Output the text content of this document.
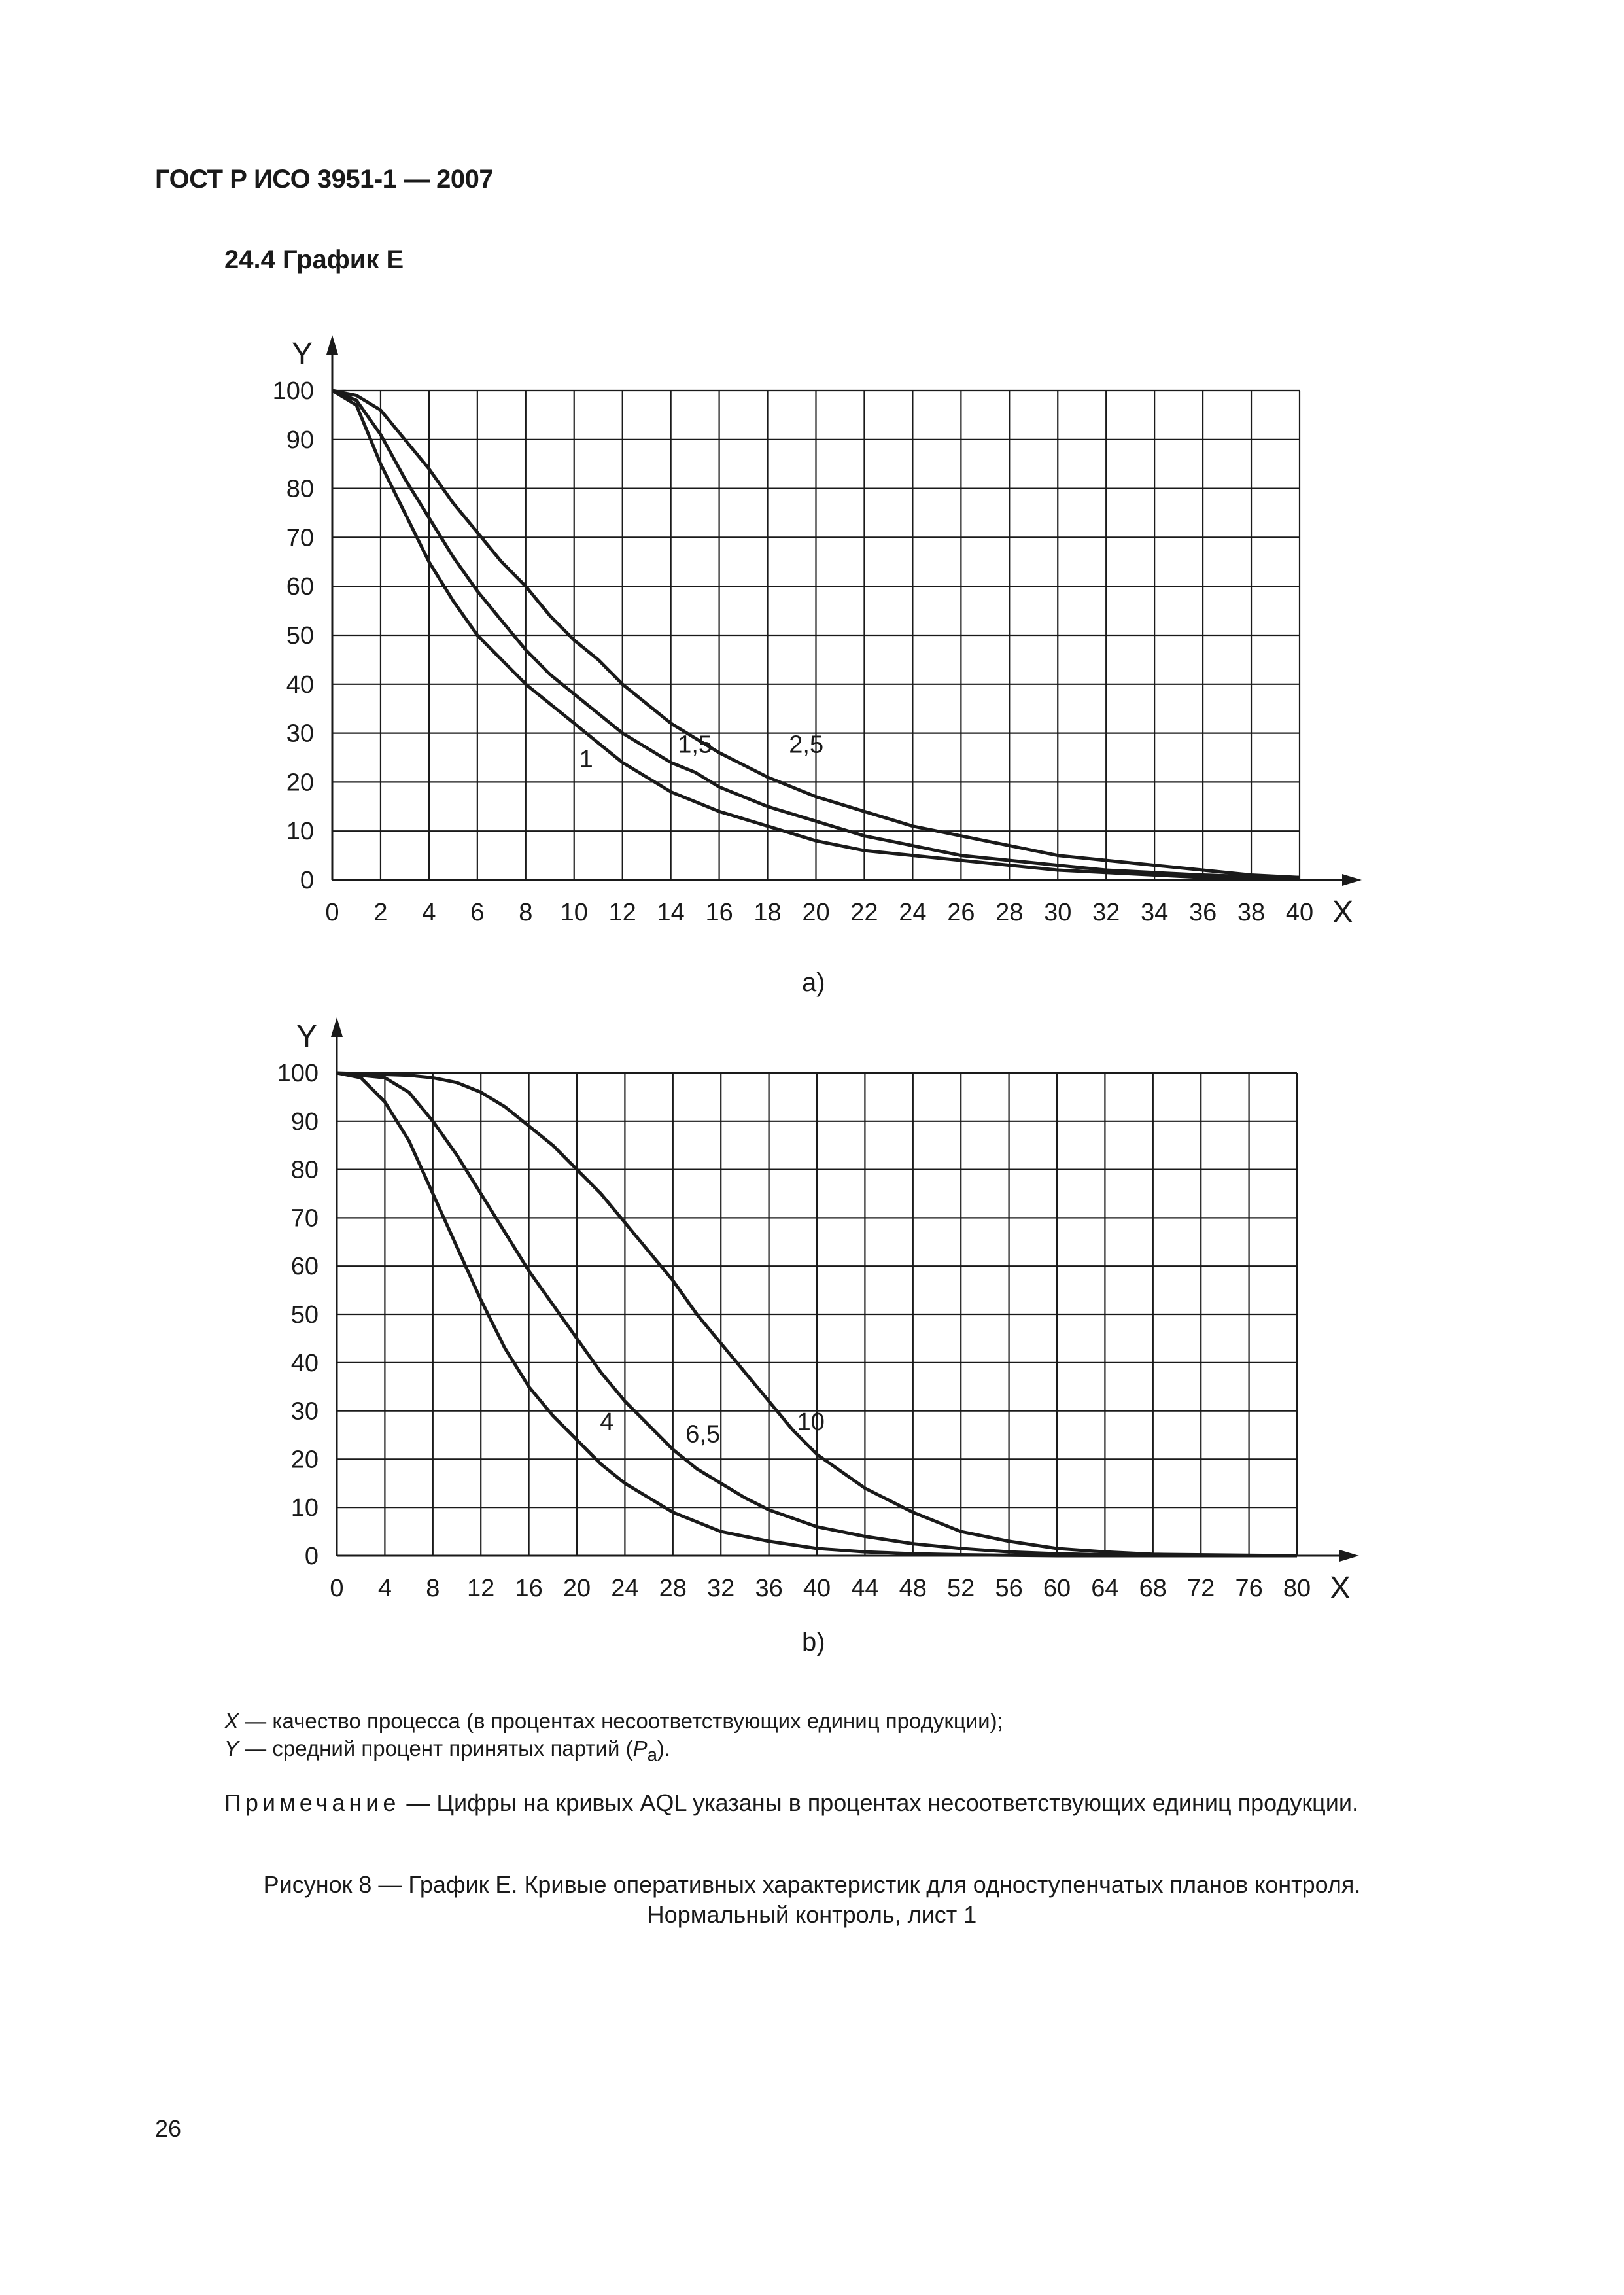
ГОСТ Р ИСО 3951-1 — 2007
24.4 График E
0 2 4 6 8 10 12 14 16 18 20 22 24 26 28 30 32 34 36 38 40
0
10
20
30
40
50
60
70
80
90
100
X
Y
1
1,5	2,5
a)
0 4 8 12 16 20 24 28 32 36 40 44 48 52 56 60 64 68 72 76 80
0
10
20
30
40
50
60
70
80
90
100
X
Y
4	6,5	10
b)
X — качество процесса (в процентах несоответствующих единиц продукции);
Y — средний процент принятых партий $(P_a)$.
Примечание — Цифры на кривых AQL указаны в процентах несоответствующих единиц продукции.
Рисунок 8 — График E. Кривые оперативных характеристик для одноступенчатых планов контроля.
Нормальный контроль, лист 1
26
